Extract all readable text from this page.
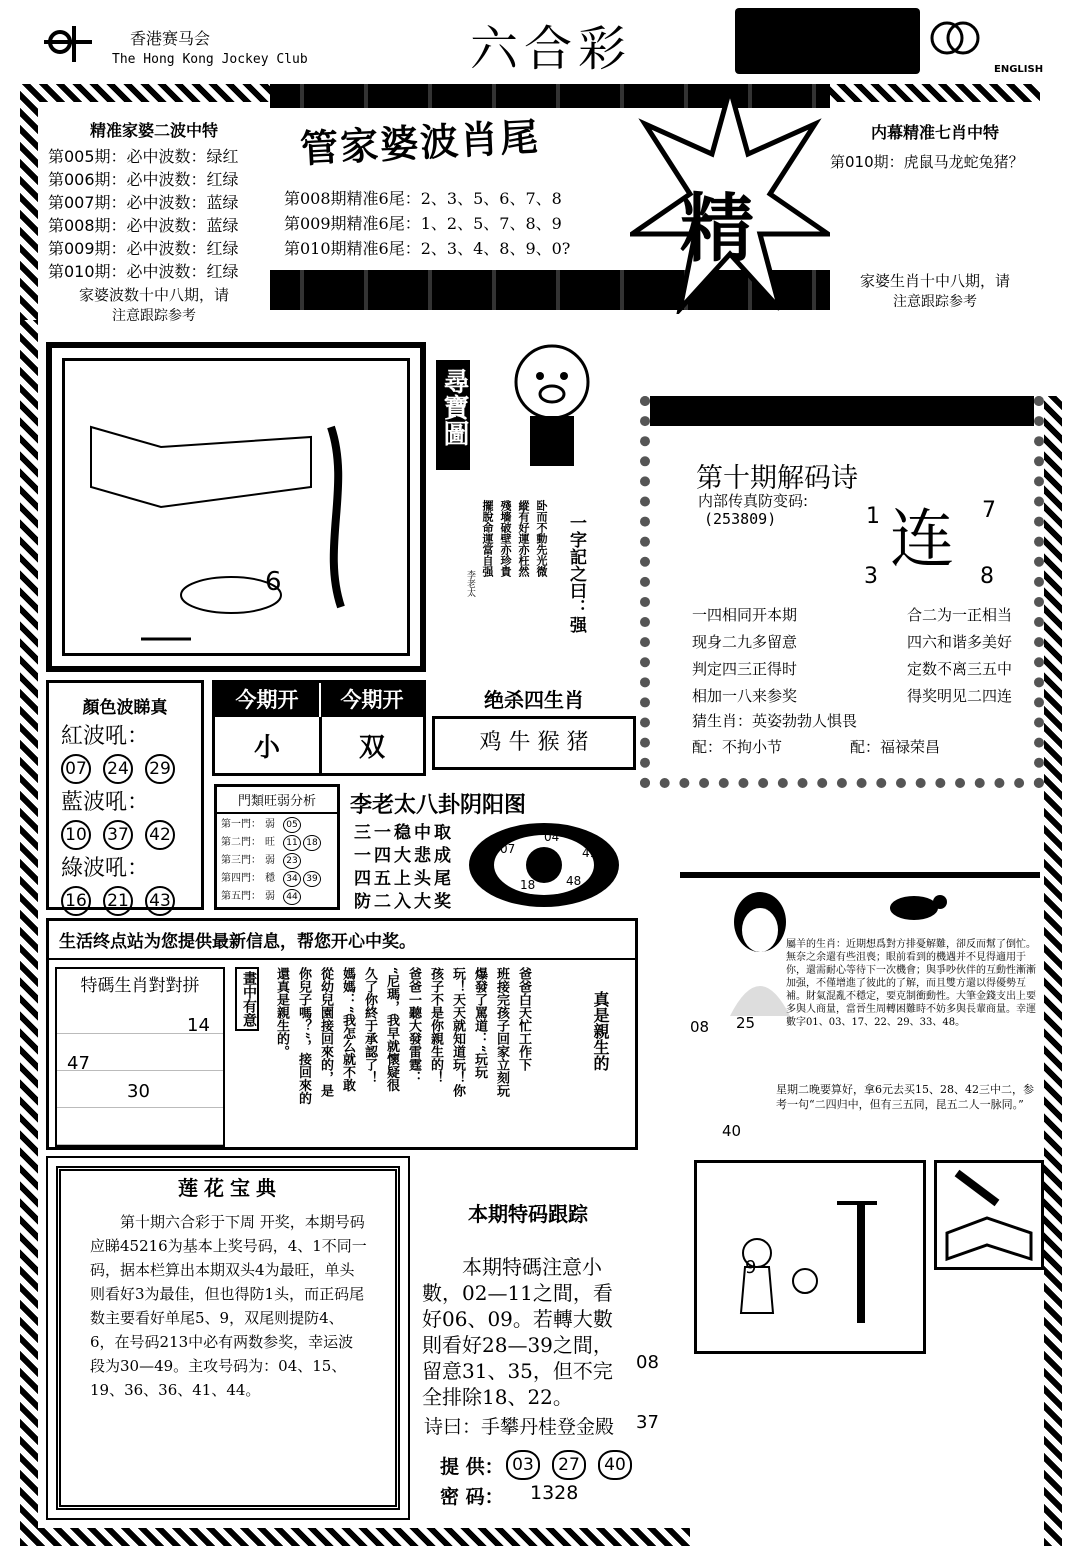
香港赛马会
The Hong Kong Jockey Club	六合彩	ENGLISH
精准家婆二波中特
第005期：必中波数：绿红
第006期：必中波数：红绿
第007期：必中波数：蓝绿
第008期：必中波数：蓝绿
第009期：必中波数：红绿
第010期：必中波数：红绿
家婆波数十中八期，请
注意跟踪参考
管家婆波肖尾
精
第008期精准6尾：2、3、5、6、7、8
第009期精准6尾：1、2、5、7、8、9
第010期精准6尾：2、3、4、8、9、0?
内幕精准七肖中特
第010期：虎鼠马龙蛇兔猪？
家婆生肖十中八期，请
注意跟踪参考
6
尋寶圖
一字記之曰：强
卧而不動先光微
縱有好運亦枉然
殘墻破壁亦珍貴
擺脫命運當自强
李老太
第十期解码诗
内部传真防变码:
(253809) 连
1	7
3	8
一四相同开本期	合二为一正相当
现身二九多留意	四六和谐多美好
判定四三正得时	定数不离三五中
相加一八来参奖	得奖明见二四连
猜生肖：英姿勃勃人惧畏
配：不拘小节	配：福禄荣昌
顏色波睇真
紅波吼：
07 24 29
藍波吼：
10 37 42
綠波吼：
16 21 43
今期开	今期开
小	双
绝杀四生肖
鸡 牛 猴 猪
門類旺弱分析
第一門： 弱 05
第二門： 旺 11 18
第三門： 弱 23
第四門： 穩 34 39
第五門： 弱 44
李老太八卦阴阳图
三一稳中取
一四大悲成
四五上头尾
防二入大奖
07
04
41
37
18	48
生活终点站为您提供最新信息，帮您开心中奖。
特碼生肖對對拼
14
47
30
畫中有意	爸爸白天忙工作下
班接完孩子回家立刻玩
爆發了罵道：“玩玩
玩！天天就知道玩！你
孩子不是你親生的！
爸爸一聽大發雷霆：
“尼瑪，我早就懷疑很
久了你終于承認了！
媽媽：“我怎么就不敢
從幼兒園接回來的，是
你兒子嗎？”，接回來的
還真是親生的。	真是親生的	08 25
40
屬羊的生肖：近期想爲對方排憂解難，卻反而幫了倒忙。無奈之余還有些沮喪；眼前看到的機遇并不見得適用于你，還需耐心等待下一次機會；與爭吵伙伴的互動性漸漸加强，不僅增進了彼此的了解，而且雙方還以得優勢互補。財氣混亂不穩定，要克制衝動性。大筆金錢支出上要多與人商量，當晉生周轉困難時不妨多與長輩商量。幸運數字01、03、17、22、29、33、48。
星期二晚要算好，拿6元去买15、28、42三中二，参考一句“二四归中，但有三五同，昆五二人一脉同。”
莲花宝典
第十期六合彩于下周 开奖，本期号码应睇45216为基本上奖号码，4、1不同一码，据本栏算出本期双头4为最旺，单头则看好3为最佳，但也得防1头，而正码尾数主要看好单尾5、9，双尾则提防4、6，在号码213中必有两数参奖，幸运波段为30—49。主攻号码为：04、15、19、36、36、41、44。
本期特码跟踪
本期特碼注意小數，02—11之間，看好06、09。若轉大數則看好28—39之間，留意31、35，但不完全排除18、22。
08
37
诗曰：手攀丹桂登金殿
提 供： 03 27 40
密 码： 1328
9
